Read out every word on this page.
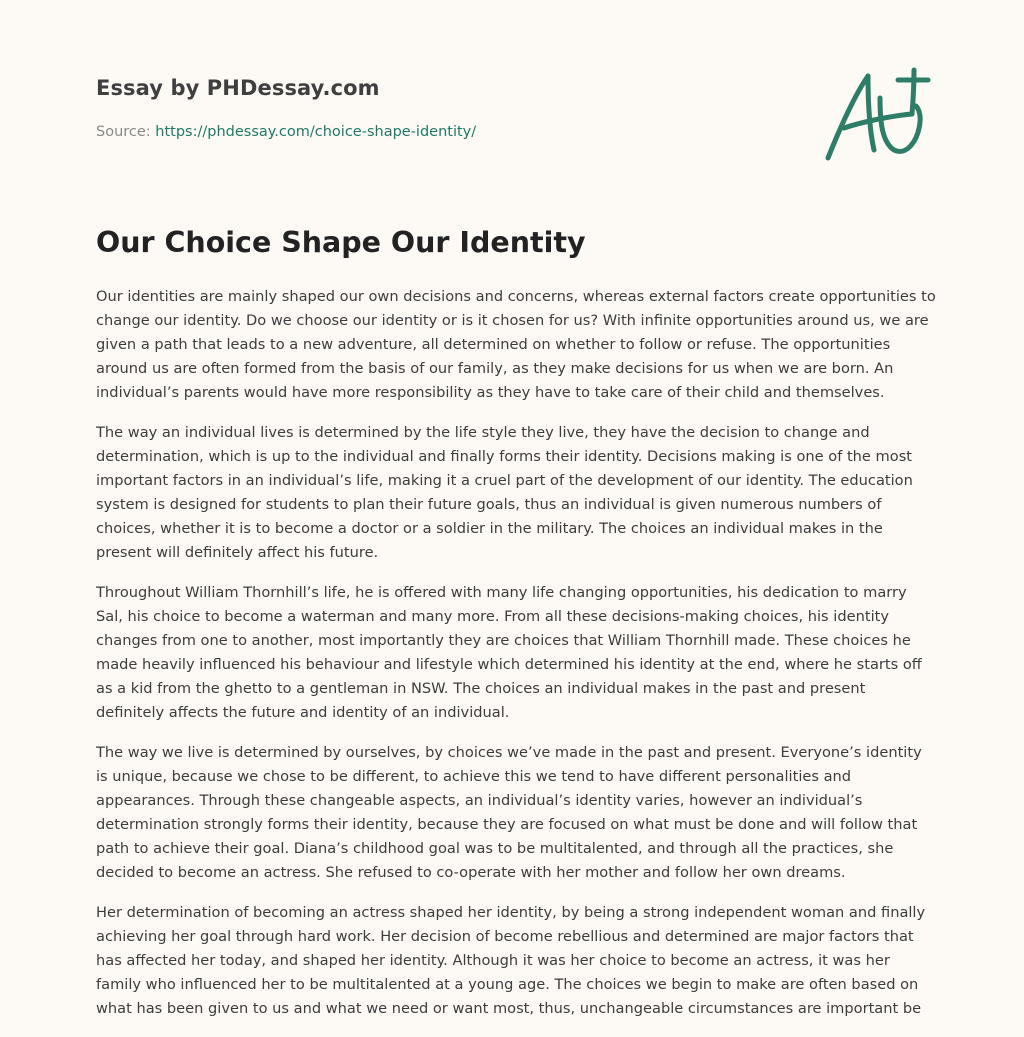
Essay by PHDessay.com
Source: https://phdessay.com/choice-shape-identity/
Our Choice Shape Our Identity

Our identities are mainly shaped our own decisions and concerns, whereas external factors create opportunities to change our identity. Do we choose our identity or is it chosen for us? With infinite opportunities around us, we are given a path that leads to a new adventure, all determined on whether to follow or refuse. The opportunities around us are often formed from the basis of our family, as they make decisions for us when we are born. An individual’s parents would have more responsibility as they have to take care of their child and themselves.

The way an individual lives is determined by the life style they live, they have the decision to change and determination, which is up to the individual and finally forms their identity. Decisions making is one of the most important factors in an individual’s life, making it a cruel part of the development of our identity. The education system is designed for students to plan their future goals, thus an individual is given numerous numbers of choices, whether it is to become a doctor or a soldier in the military. The choices an individual makes in the present will definitely affect his future.

Throughout William Thornhill’s life, he is offered with many life changing opportunities, his dedication to marry Sal, his choice to become a waterman and many more. From all these decisions-making choices, his identity changes from one to another, most importantly they are choices that William Thornhill made. These choices he made heavily influenced his behaviour and lifestyle which determined his identity at the end, where he starts off as a kid from the ghetto to a gentleman in NSW. The choices an individual makes in the past and present definitely affects the future and identity of an individual.

The way we live is determined by ourselves, by choices we’ve made in the past and present. Everyone’s identity is unique, because we chose to be different, to achieve this we tend to have different personalities and appearances. Through these changeable aspects, an individual’s identity varies, however an individual’s determination strongly forms their identity, because they are focused on what must be done and will follow that path to achieve their goal. Diana’s childhood goal was to be multitalented, and through all the practices, she decided to become an actress. She refused to co-operate with her mother and follow her own dreams.

Her determination of becoming an actress shaped her identity, by being a strong independent woman and finally achieving her goal through hard work. Her decision of become rebellious and determined are major factors that has affected her today, and shaped her identity. Although it was her choice to become an actress, it was her family who influenced her to be multitalented at a young age. The choices we begin to make are often based on what has been given to us and what we need or want most, thus, unchangeable circumstances are important be
